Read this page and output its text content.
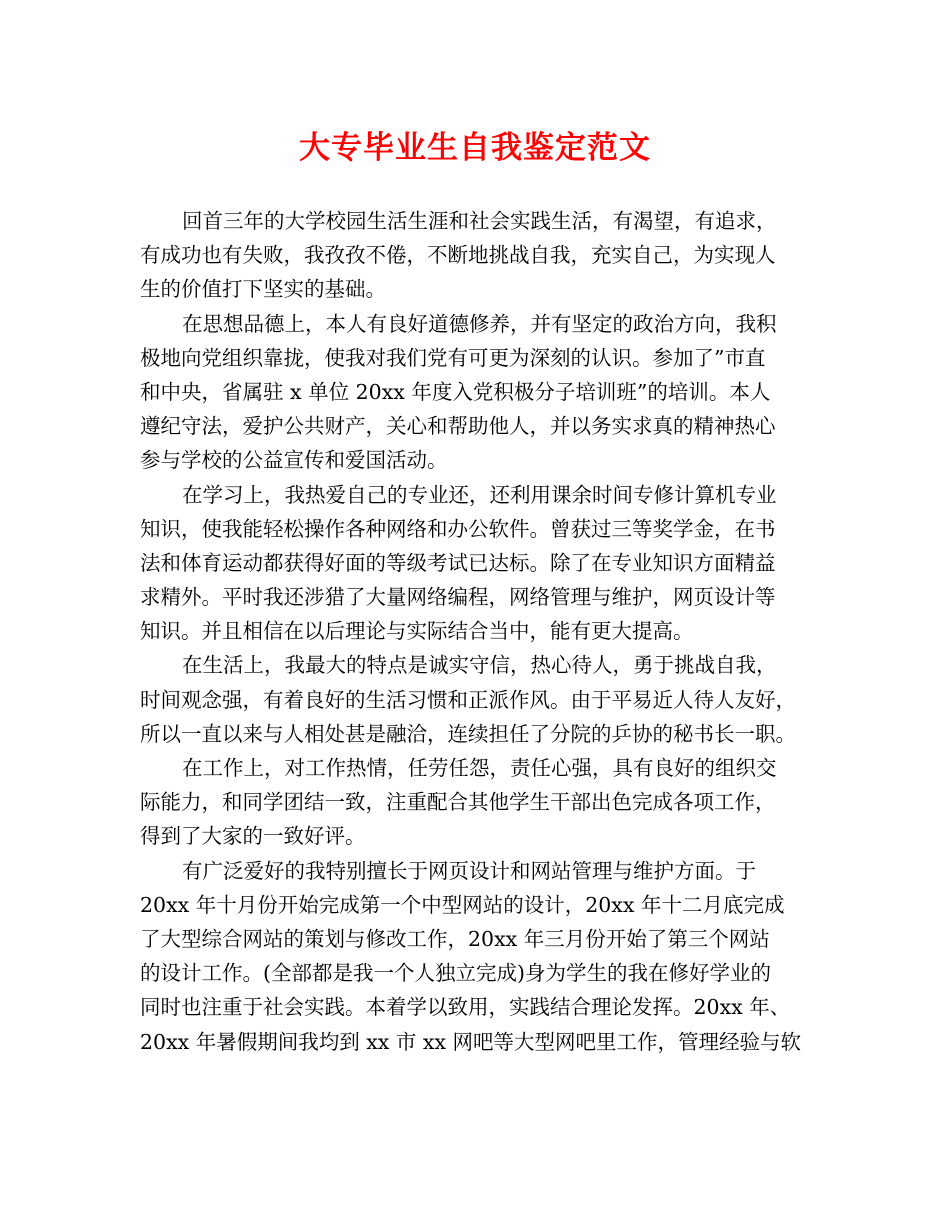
大专毕业生自我鉴定范文
回首三年的大学校园生活生涯和社会实践生活，有渴望，有追求，
有成功也有失败，我孜孜不倦，不断地挑战自我，充实自己，为实现人
生的价值打下坚实的基础。
在思想品德上，本人有良好道德修养，并有坚定的政治方向，我积
极地向党组织靠拢，使我对我们党有可更为深刻的认识。参加了”市直
和中央，省属驻 x 单位 20xx 年度入党积极分子培训班”的培训。本人
遵纪守法，爱护公共财产，关心和帮助他人，并以务实求真的精神热心
参与学校的公益宣传和爱国活动。
在学习上，我热爱自己的专业还，还利用课余时间专修计算机专业
知识，使我能轻松操作各种网络和办公软件。曾获过三等奖学金，在书
法和体育运动都获得好面的等级考试已达标。除了在专业知识方面精益
求精外。平时我还涉猎了大量网络编程，网络管理与维护，网页设计等
知识。并且相信在以后理论与实际结合当中，能有更大提高。
在生活上，我最大的特点是诚实守信，热心待人，勇于挑战自我，
时间观念强，有着良好的生活习惯和正派作风。由于平易近人待人友好，
所以一直以来与人相处甚是融洽，连续担任了分院的乒协的秘书长一职。
在工作上，对工作热情，任劳任怨，责任心强，具有良好的组织交
际能力，和同学团结一致，注重配合其他学生干部出色完成各项工作，
得到了大家的一致好评。
有广泛爱好的我特别擅长于网页设计和网站管理与维护方面。于
20xx 年十月份开始完成第一个中型网站的设计，20xx 年十二月底完成
了大型综合网站的策划与修改工作，20xx 年三月份开始了第三个网站
的设计工作。(全部都是我一个人独立完成)身为学生的我在修好学业的
同时也注重于社会实践。本着学以致用，实践结合理论发挥。20xx 年、
20xx 年暑假期间我均到 xx 市 xx 网吧等大型网吧里工作，管理经验与软
